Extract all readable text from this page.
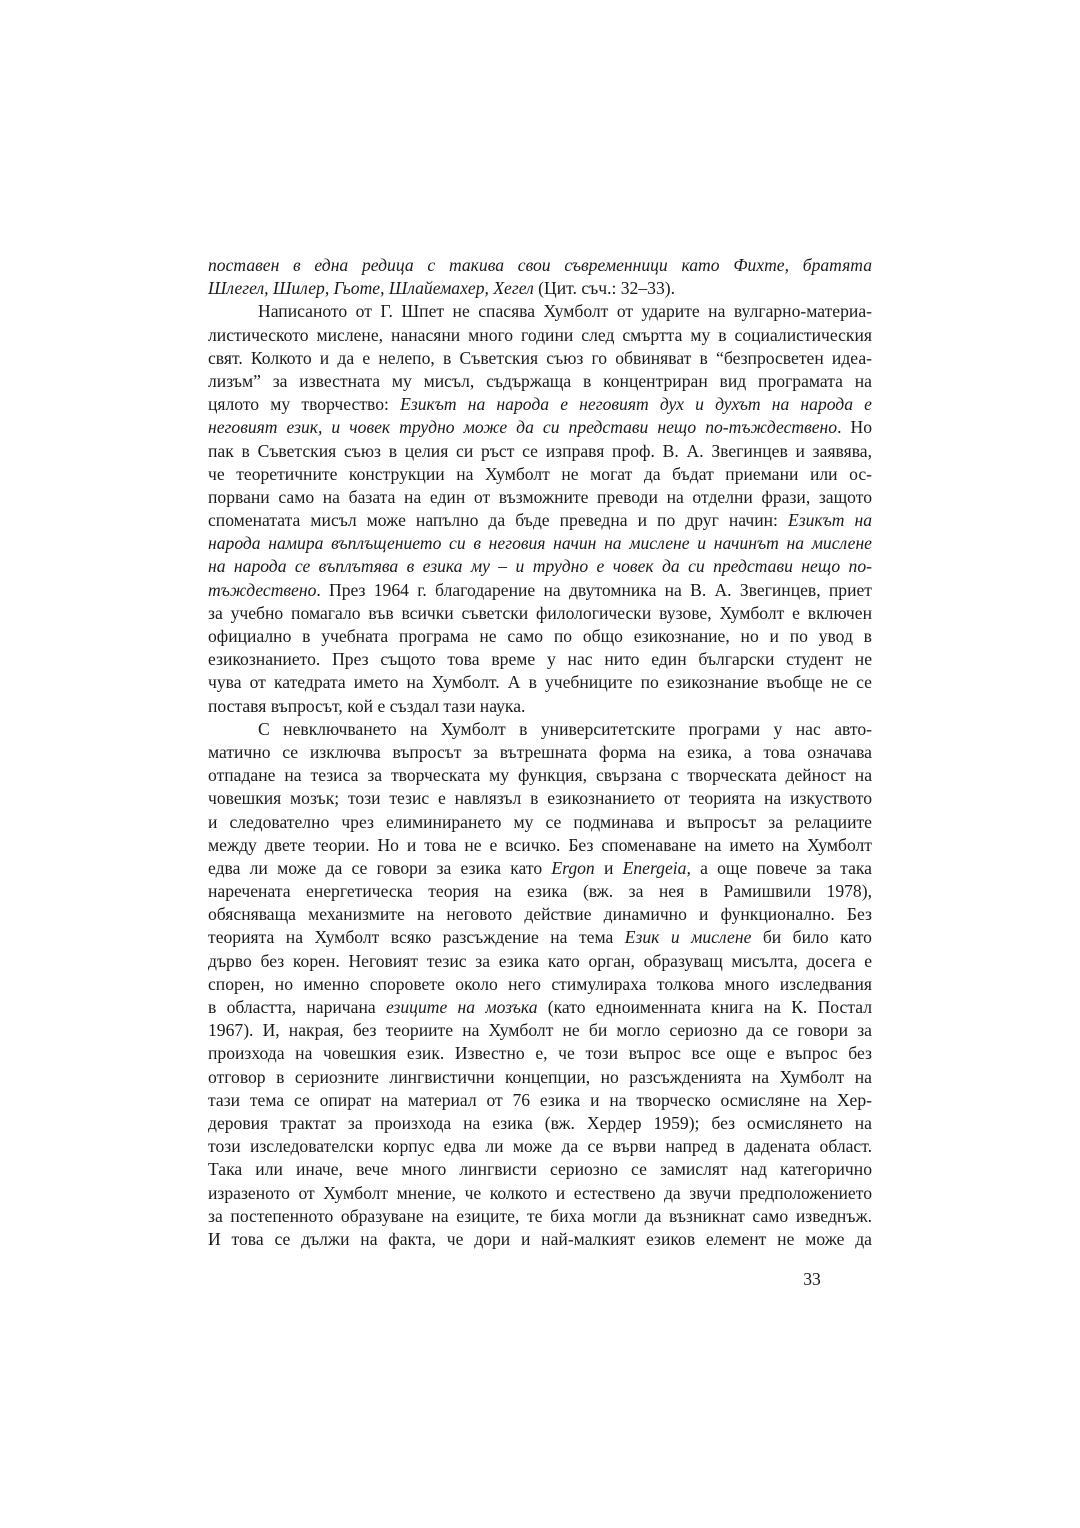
поставен в една редица с такива свои съвременници като Фихте, братята
Шлегел, Шилер, Гьоте, Шлайемахер, Хегел (Цит. съч.: 32–33).
Написаното от Г. Шпет не спасява Хумболт от ударите на вулгарно-материа-
листическото мислене, нанасяни много години след смъртта му в социалистическия
свят. Колкото и да е нелепо, в Съветския съюз го обвиняват в “безпросветен идеа-
лизъм” за известната му мисъл, съдържаща в концентриран вид програмата на
цялото му творчество: Езикът на народа е неговият дух и духът на народа е
неговият език, и човек трудно може да си представи нещо по-тъждествено. Но
пак в Съветския съюз в целия си ръст се изправя проф. В. А. Звегинцев и заявява,
че теоретичните конструкции на Хумболт не могат да бъдат приемани или ос-
порвани само на базата на един от възможните преводи на отделни фрази, защото
споменатата мисъл може напълно да бъде преведна и по друг начин: Езикът на
народа намира въплъщението си в неговия начин на мислене и начинът на мислене
на народа се въплътява в езика му – и трудно е човек да си представи нещо по-
тъждествено. През 1964 г. благодарение на двутомника на В. А. Звегинцев, приет
за учебно помагало във всички съветски филологически вузове, Хумболт е включен
официално в учебната програма не само по общо езикознание, но и по увод в
езикознанието. През същото това време у нас нито един български студент не
чува от катедрата името на Хумболт. А в учебниците по езикознание въобще не се
поставя въпросът, кой е създал тази наука.
С невключването на Хумболт в университетските програми у нас авто-
матично се изключва въпросът за вътрешната форма на езика, а това означава
отпадане на тезиса за творческата му функция, свързана с творческата дейност на
човешкия мозък; този тезис е навлязъл в езикознанието от теорията на изкуството
и следователно чрез елиминирането му се подминава и въпросът за релациите
между двете теории. Но и това не е всичко. Без споменаване на името на Хумболт
едва ли може да се говори за езика като Ergon и Energeia, а още повече за така
наречената енергетическа теория на езика (вж. за нея в Рамишвили 1978),
обясняваща механизмите на неговото действие динамично и функционално. Без
теорията на Хумболт всяко разсъждение на тема Език и мислене би било като
дърво без корен. Неговият тезис за езика като орган, образуващ мисълта, досега е
спорен, но именно споровете около него стимулираха толкова много изследвания
в областта, наричана езиците на мозъка (като едноименната книга на К. Постал
1967). И, накрая, без теориите на Хумболт не би могло сериозно да се говори за
произхода на човешкия език. Известно е, че този въпрос все още е въпрос без
отговор в сериозните лингвистични концепции, но разсъжденията на Хумболт на
тази тема се опират на материал от 76 езика и на творческо осмисляне на Хер-
деровия трактат за произхода на езика (вж. Хердер 1959); без осмислянето на
този изследователски корпус едва ли може да се върви напред в дадената област.
Така или иначе, вече много лингвисти сериозно се замислят над категорично
изразеното от Хумболт мнение, че колкото и естествено да звучи предположението
за постепенното образуване на езиците, те биха могли да възникнат само изведнъж.
И това се дължи на факта, че дори и най-малкият езиков елемент не може да
33
